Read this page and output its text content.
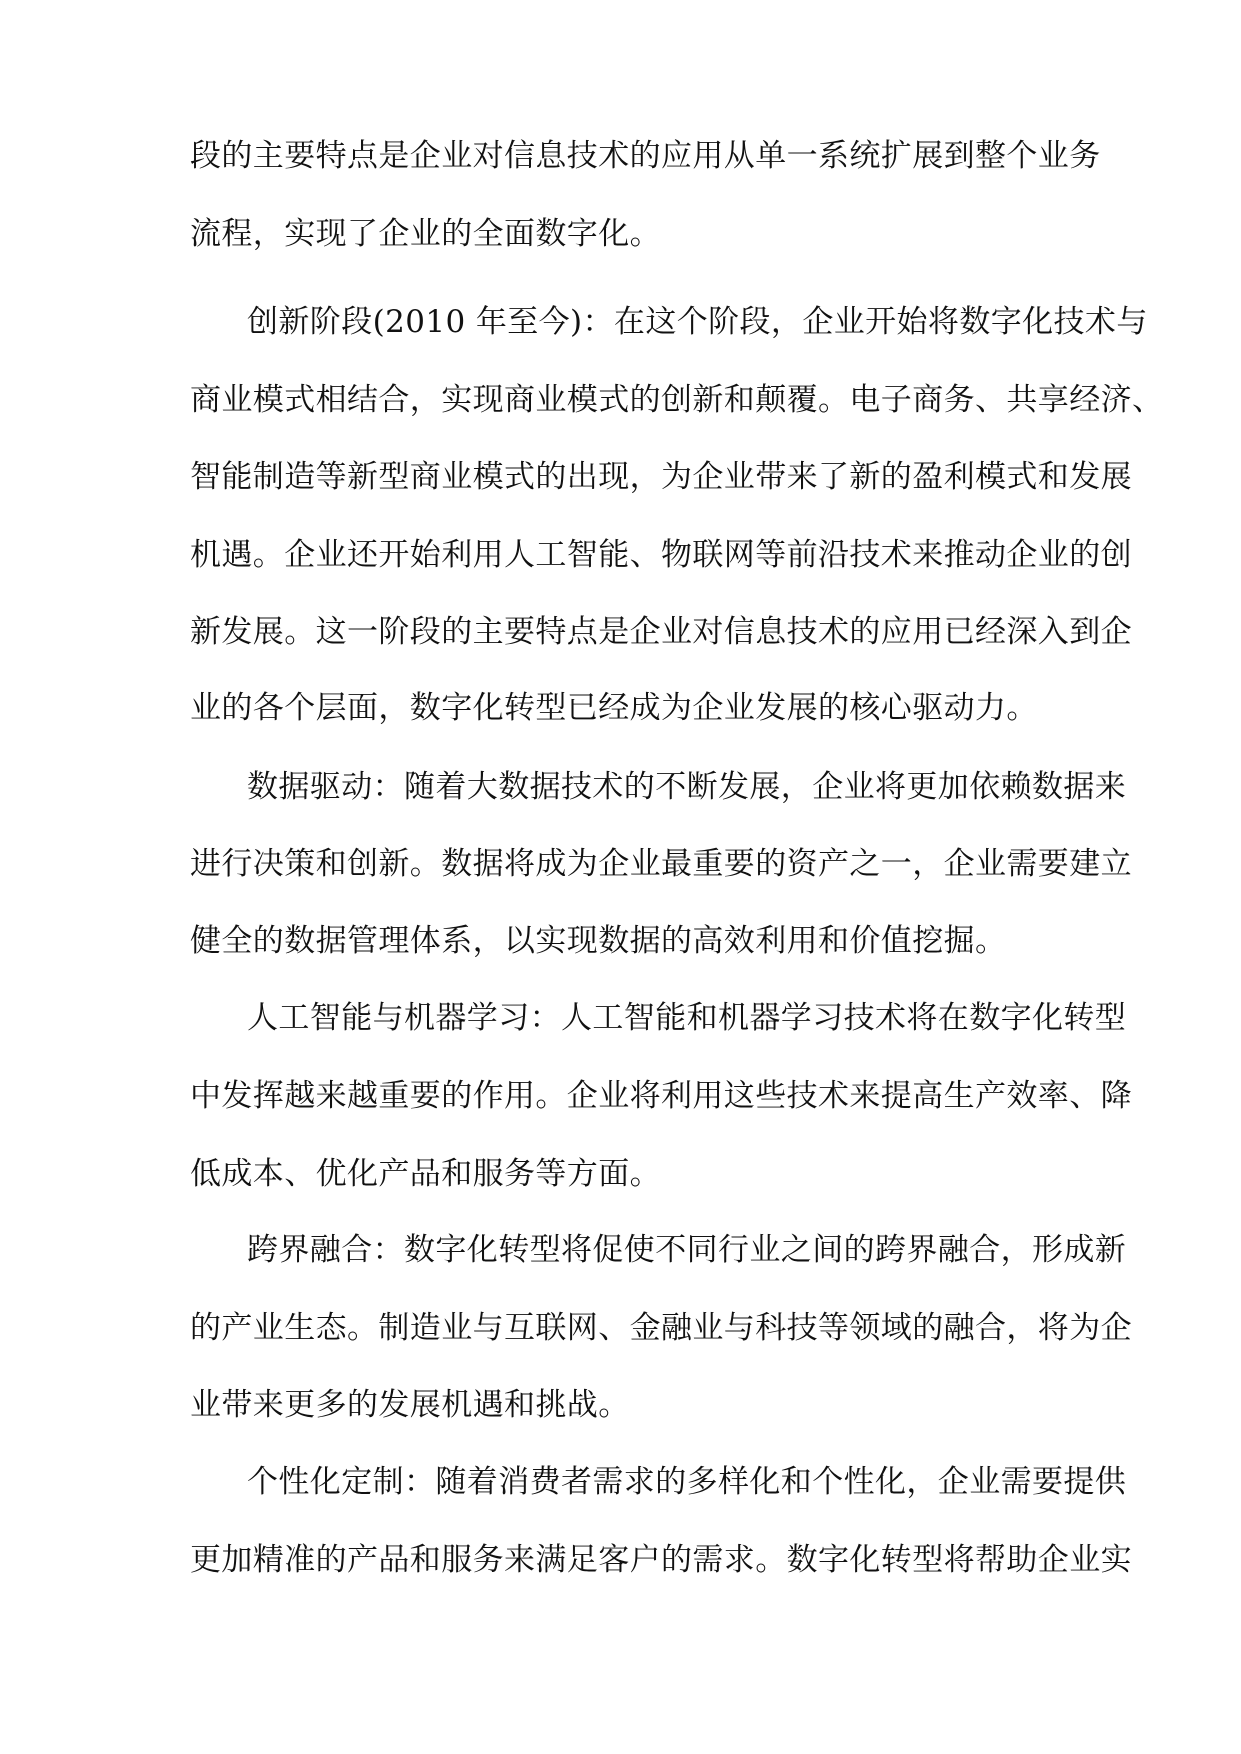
段的主要特点是企业对信息技术的应用从单一系统扩展到整个业务
流程，实现了企业的全面数字化。
创新阶段(2010 年至今)：在这个阶段，企业开始将数字化技术与
商业模式相结合，实现商业模式的创新和颠覆。电子商务、共享经济、
智能制造等新型商业模式的出现，为企业带来了新的盈利模式和发展
机遇。企业还开始利用人工智能、物联网等前沿技术来推动企业的创
新发展。这一阶段的主要特点是企业对信息技术的应用已经深入到企
业的各个层面，数字化转型已经成为企业发展的核心驱动力。
数据驱动：随着大数据技术的不断发展，企业将更加依赖数据来
进行决策和创新。数据将成为企业最重要的资产之一，企业需要建立
健全的数据管理体系，以实现数据的高效利用和价值挖掘。
人工智能与机器学习：人工智能和机器学习技术将在数字化转型
中发挥越来越重要的作用。企业将利用这些技术来提高生产效率、降
低成本、优化产品和服务等方面。
跨界融合：数字化转型将促使不同行业之间的跨界融合，形成新
的产业生态。制造业与互联网、金融业与科技等领域的融合，将为企
业带来更多的发展机遇和挑战。
个性化定制：随着消费者需求的多样化和个性化，企业需要提供
更加精准的产品和服务来满足客户的需求。数字化转型将帮助企业实
